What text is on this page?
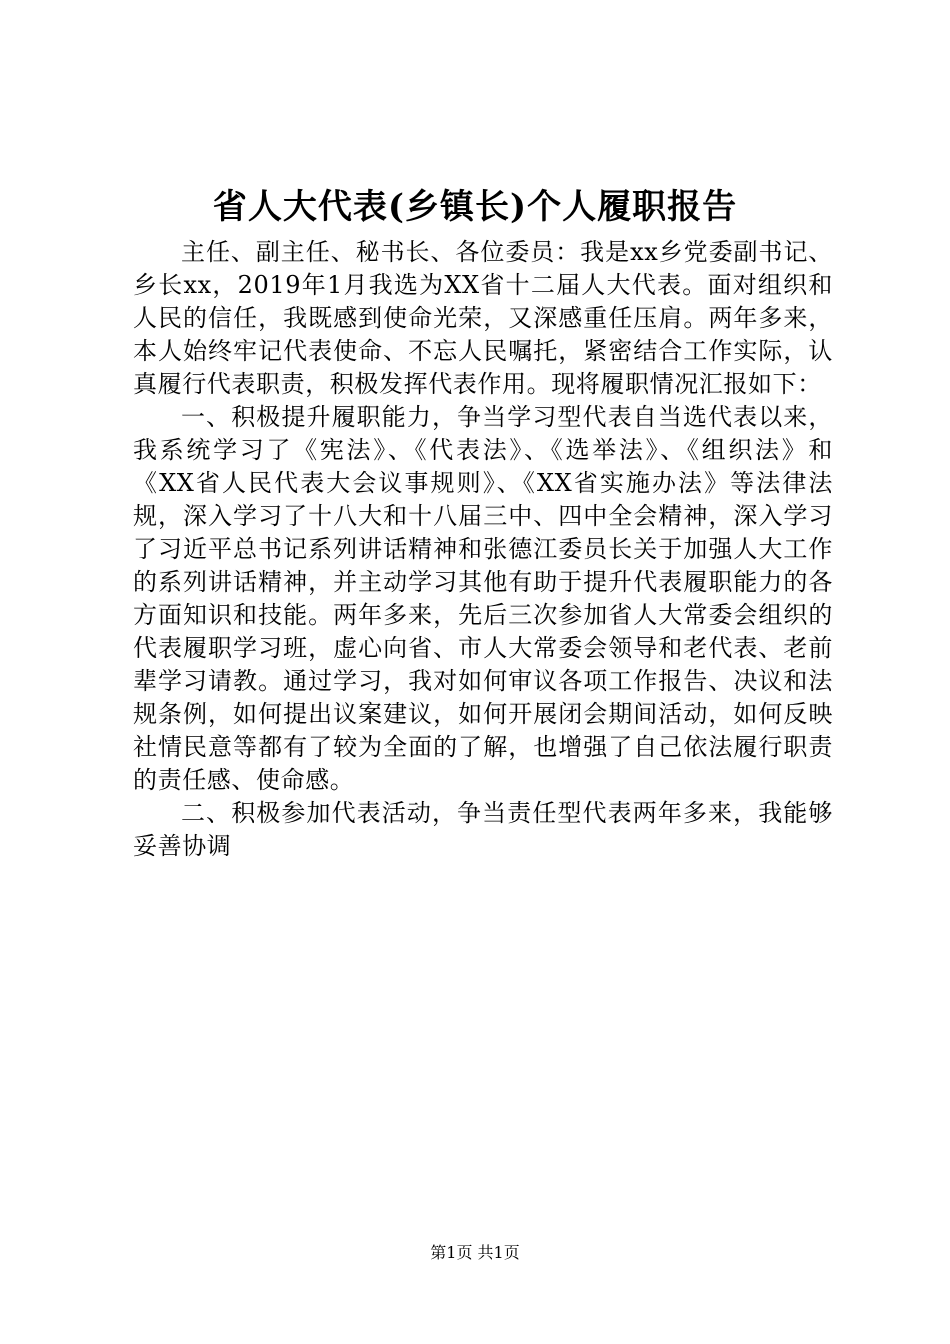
省人大代表(乡镇长)个人履职报告

主任、副主任、秘书长、各位委员：我是xx乡党委副书记、乡长xx，2019年1月我选为XX省十二届人大代表。面对组织和人民的信任，我既感到使命光荣，又深感重任压肩。两年多来，本人始终牢记代表使命、不忘人民嘱托，紧密结合工作实际，认真履行代表职责，积极发挥代表作用。现将履职情况汇报如下：

一、积极提升履职能力，争当学习型代表自当选代表以来，我系统学习了《宪法》、《代表法》、《选举法》、《组织法》和《XX省人民代表大会议事规则》、《XX省实施办法》等法律法规，深入学习了十八大和十八届三中、四中全会精神，深入学习了习近平总书记系列讲话精神和张德江委员长关于加强人大工作的系列讲话精神，并主动学习其他有助于提升代表履职能力的各方面知识和技能。两年多来，先后三次参加省人大常委会组织的代表履职学习班，虚心向省、市人大常委会领导和老代表、老前辈学习请教。通过学习，我对如何审议各项工作报告、决议和法规条例，如何提出议案建议，如何开展闭会期间活动，如何反映社情民意等都有了较为全面的了解，也增强了自己依法履行职责的责任感、使命感。

二、积极参加代表活动，争当责任型代表两年多来，我能够妥善协调

第1页 共1页
